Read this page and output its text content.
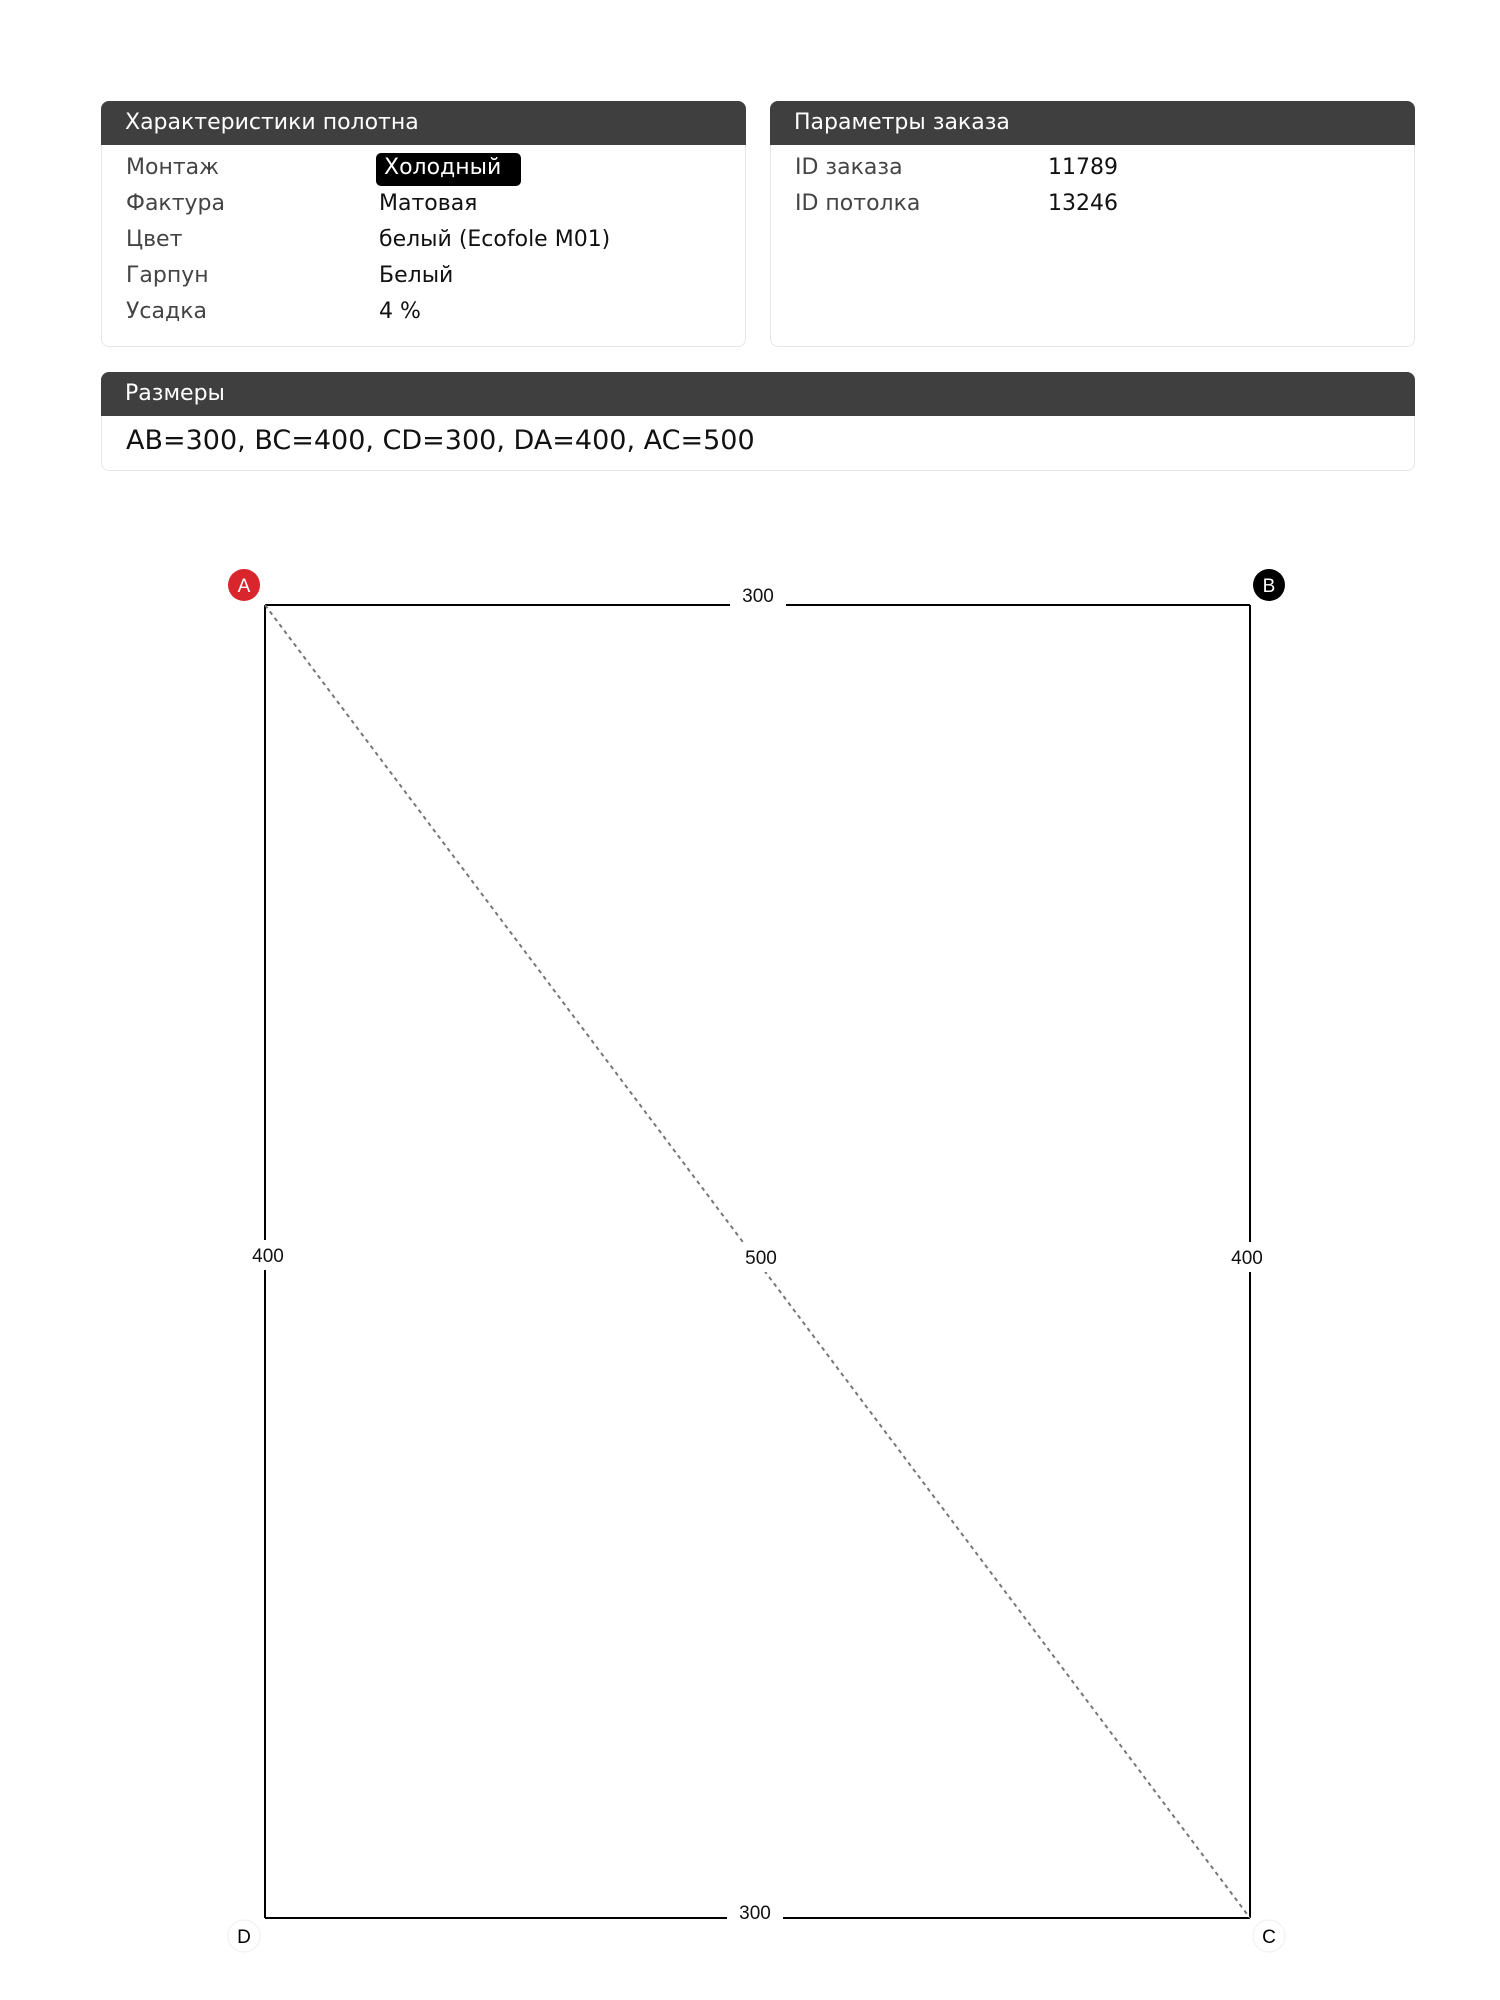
Характеристики полотна
Монтаж	Холодный
Фактура	Матовая
Цвет	белый (Ecofole M01)
Гарпун	Белый
Усадка	4 %
Параметры заказа
ID заказа	11789
ID потолка	13246
Размеры
AB=300, BC=400, CD=300, DA=400, AC=500
300
400	400
500
300
A	B
C
D
